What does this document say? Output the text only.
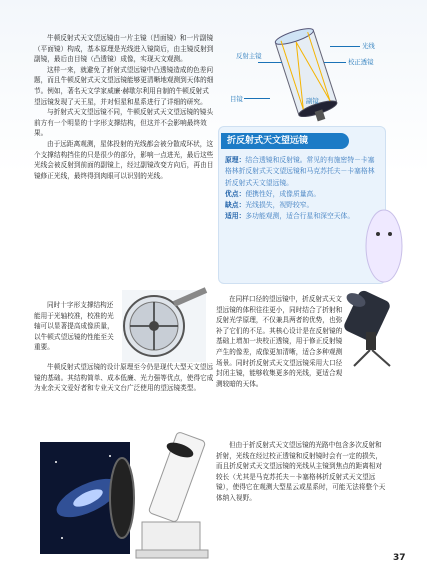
牛顿反射式天文望远镜由一片主镜（凹面镜）和一片副镜（平面镜）构成，基本原理是光线进入镜筒后，由主镜反射到副镜，最后由目镜（凸透镜）成像，实现天文观测。

这样一来，就避免了折射式望远镜中凸透镜造成的色差问题，而且牛顿反射式天文望远镜能够更清晰地观测到天体的细节。例如，著名天文学家威廉·赫歇尔利用自制的牛顿反射式望远镜发现了天王星，并对恒星和星系进行了详细的研究。

与折射式天文望远镜不同，牛顿反射式天文望远镜的镜头前方有一个明显的十字形支撑结构，但这并不会影响最终效果。

由于远距离观测，星体投射的光线都会被分散成环状，这个支撑结构挡住的只是很少的部分，影响一点进光，最后这些光线会被反射到前面的副镜上，经过副镜改变方向后，再由目镜修正光线，最终得到肉眼可以识别的光线。

同时十字形支撑结构还能用于光轴校准，校准的光轴可以显著提高成像质量，以牛顿式望远镜的性能至关重要。

牛顿反射式望远镜的设计原理至今仍是现代大型天文望远镜的基础。其结构简单、成本低廉、光力强等优点，使得它成为业余天文爱好者和专业天文台广泛使用的望远镜类型。

反射主镜
光线
校正透镜
目镜	副镜
折反射式天文望远镜
原理：结合透镜和反射镜。常见的有施密特－卡塞格林折反射式天文望远镜和马克苏托夫－卡塞格林折反射式天文望远镜。
优点：便携性好，成像质量高。
缺点：光线损失，视野较窄。
适用：多功能观测，适合行星和深空天体。

在同样口径的望远镜中，折反射式天文望远镜的体积往往更小，同时结合了折射和反射光学原理，不仅兼具两者的优势，也弥补了它们的不足。其核心设计是在反射镜的基础上增加一块校正透镜，用于修正反射镜产生的像差，成像更加清晰，适合多种观测场景。同时折反射式天文望远镜采用大口径封闭主镜，能够收集更多的光线，更适合观测较暗的天体。

但由于折反射式天文望远镜的光路中包含多次反射和折射，光线在经过校正透镜和反射镜时会有一定的损失，而且折反射式天文望远镜的光线从主镜到焦点的距离相对较长（尤其是马克苏托夫－卡塞格林折反射式天文望远镜），使得它在观测大型星云或星系时，可能无法将整个天体纳入视野。

37
